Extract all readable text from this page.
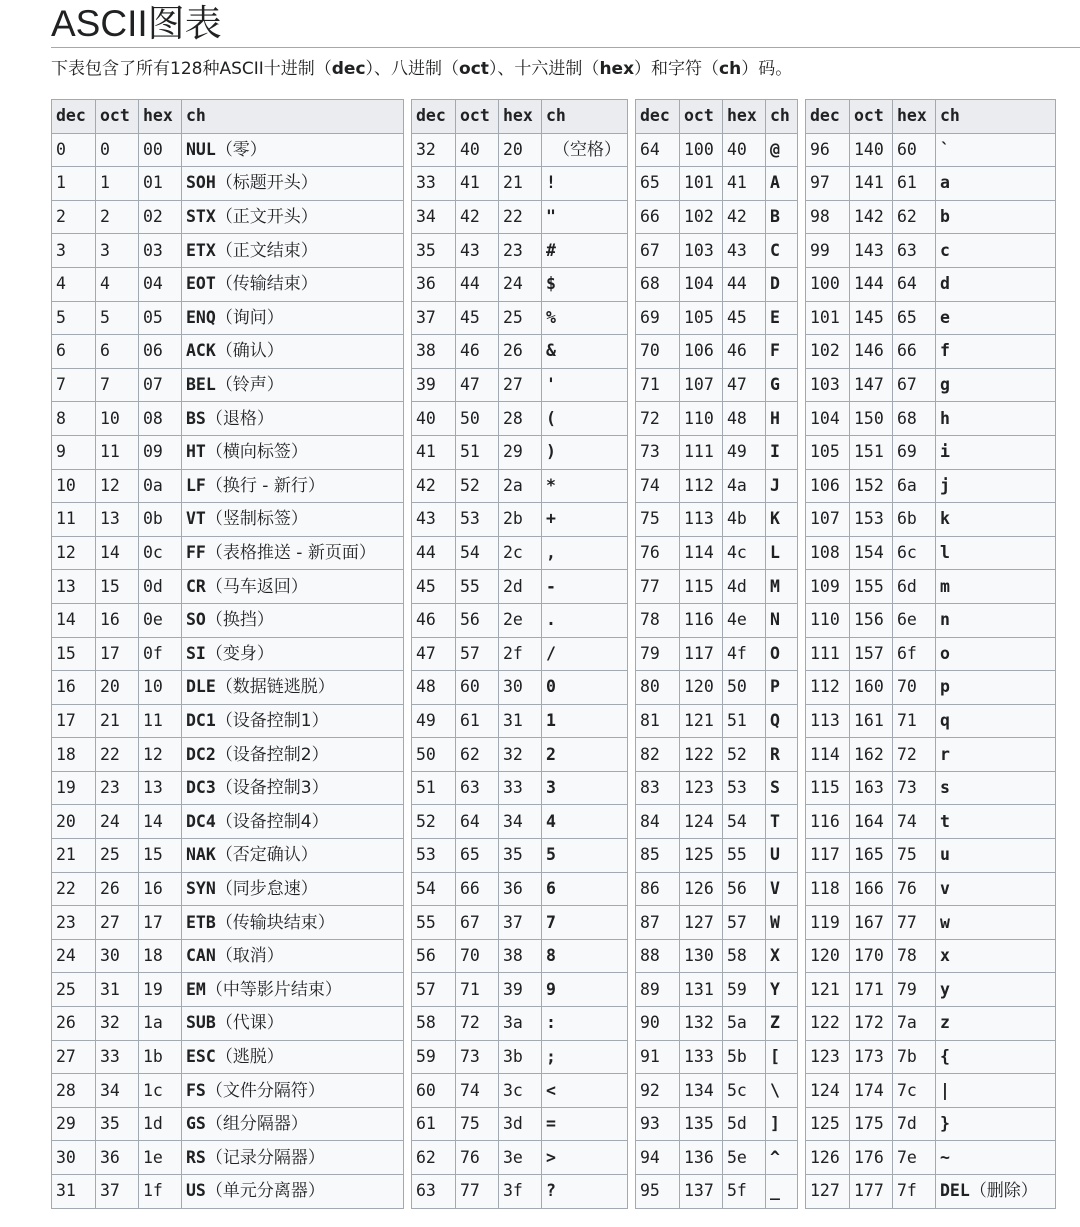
ASCII图表
下表包含了所有128种ASCII十进制（dec）、八进制（oct）、十六进制（hex）和字符（ch）码。
dec	oct	hex	ch
0	0	00	NUL（零）
1	1	01	SOH（标题开头）
2	2	02	STX（正文开头）
3	3	03	ETX（正文结束）
4	4	04	EOT（传输结束）
5	5	05	ENQ（询问）
6	6	06	ACK（确认）
7	7	07	BEL（铃声）
8	10	08	BS（退格）
9	11	09	HT（横向标签）
10	12	0a	LF（换行 - 新行）
11	13	0b	VT（竖制标签）
12	14	0c	FF（表格推送 - 新页面）
13	15	0d	CR（马车返回）
14	16	0e	SO（换挡）
15	17	0f	SI（变身）
16	20	10	DLE（数据链逃脱）
17	21	11	DC1（设备控制1）
18	22	12	DC2（设备控制2）
19	23	13	DC3（设备控制3）
20	24	14	DC4（设备控制4）
21	25	15	NAK（否定确认）
22	26	16	SYN（同步怠速）
23	27	17	ETB（传输块结束）
24	30	18	CAN（取消）
25	31	19	EM（中等影片结束）
26	32	1a	SUB（代课）
27	33	1b	ESC（逃脱）
28	34	1c	FS（文件分隔符）
29	35	1d	GS（组分隔器）
30	36	1e	RS（记录分隔器）
31	37	1f	US（单元分离器）
dec	oct	hex	ch
32	40	20	（空格）
33	41	21	!
34	42	22	"
35	43	23	#
36	44	24	$
37	45	25	%
38	46	26	&
39	47	27	'
40	50	28	(
41	51	29	)
42	52	2a	*
43	53	2b	+
44	54	2c	,
45	55	2d	-
46	56	2e	.
47	57	2f	/
48	60	30	0
49	61	31	1
50	62	32	2
51	63	33	3
52	64	34	4
53	65	35	5
54	66	36	6
55	67	37	7
56	70	38	8
57	71	39	9
58	72	3a	:
59	73	3b	;
60	74	3c	<
61	75	3d	=
62	76	3e	>
63	77	3f	?
dec	oct	hex	ch
64	100	40	@
65	101	41	A
66	102	42	B
67	103	43	C
68	104	44	D
69	105	45	E
70	106	46	F
71	107	47	G
72	110	48	H
73	111	49	I
74	112	4a	J
75	113	4b	K
76	114	4c	L
77	115	4d	M
78	116	4e	N
79	117	4f	O
80	120	50	P
81	121	51	Q
82	122	52	R
83	123	53	S
84	124	54	T
85	125	55	U
86	126	56	V
87	127	57	W
88	130	58	X
89	131	59	Y
90	132	5a	Z
91	133	5b	[
92	134	5c	\
93	135	5d	]
94	136	5e	^
95	137	5f	_
dec	oct	hex	ch
96	140	60	`
97	141	61	a
98	142	62	b
99	143	63	c
100	144	64	d
101	145	65	e
102	146	66	f
103	147	67	g
104	150	68	h
105	151	69	i
106	152	6a	j
107	153	6b	k
108	154	6c	l
109	155	6d	m
110	156	6e	n
111	157	6f	o
112	160	70	p
113	161	71	q
114	162	72	r
115	163	73	s
116	164	74	t
117	165	75	u
118	166	76	v
119	167	77	w
120	170	78	x
121	171	79	y
122	172	7a	z
123	173	7b	{
124	174	7c	|
125	175	7d	}
126	176	7e	~
127	177	7f	DEL（删除）
